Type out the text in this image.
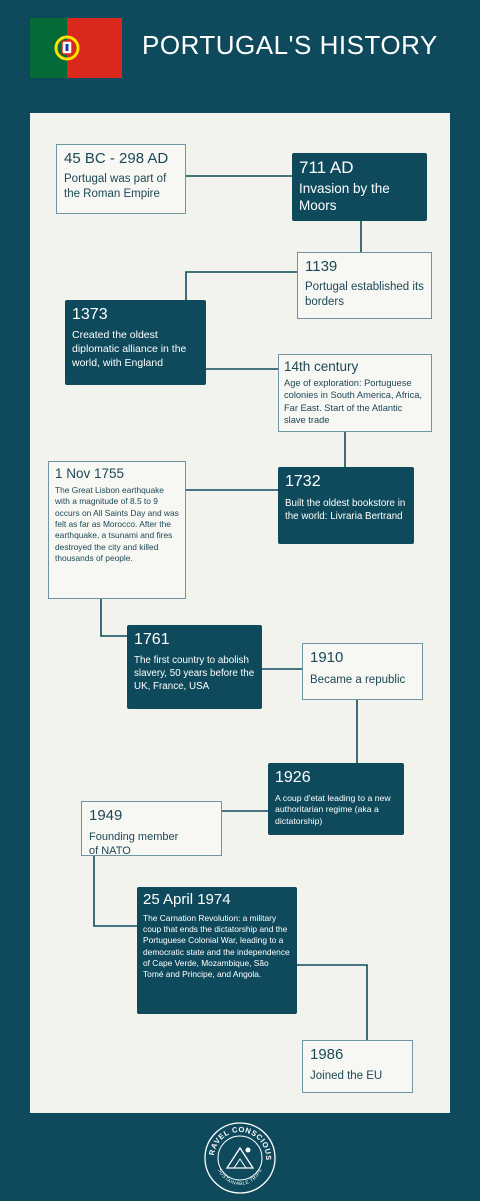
PORTUGAL'S HISTORY
45 BC - 298 AD
Portugal was part of the Roman Empire
711 AD
Invasion by the Moors
1139
Portugal established its borders
1373
Created the oldest diplomatic alliance in the world, with England	14th century
Age of exploration: Portuguese colonies in South America, Africa, Far East. Start of the Atlantic slave trade
1732
Built the oldest bookstore in the world: Livraria Bertrand
1 Nov 1755
The Great Lisbon earthquake with a magnitude of 8.5 to 9 occurs on All Saints Day and was felt as far as Morocco. After the earthquake, a tsunami and fires destroyed the city and killed thousands of people.
1761
The first country to abolish slavery, 50 years before the UK, France, USA
1910
Became a republic
1926
A coup d'etat leading to a new authoritarian regime (aka a dictatorship)
1949
Founding member of NATO
25 April 1974
The Carnation Revolution: a military coup that ends the dictatorship and the Portuguese Colonial War, leading to a democratic state and the independence of Cape Verde, Mozambique, São Tomé and Principe, and Angola.
1986
Joined the EU
RAVEL CONSCIOUS
SUSTAINABLE TRIPS
